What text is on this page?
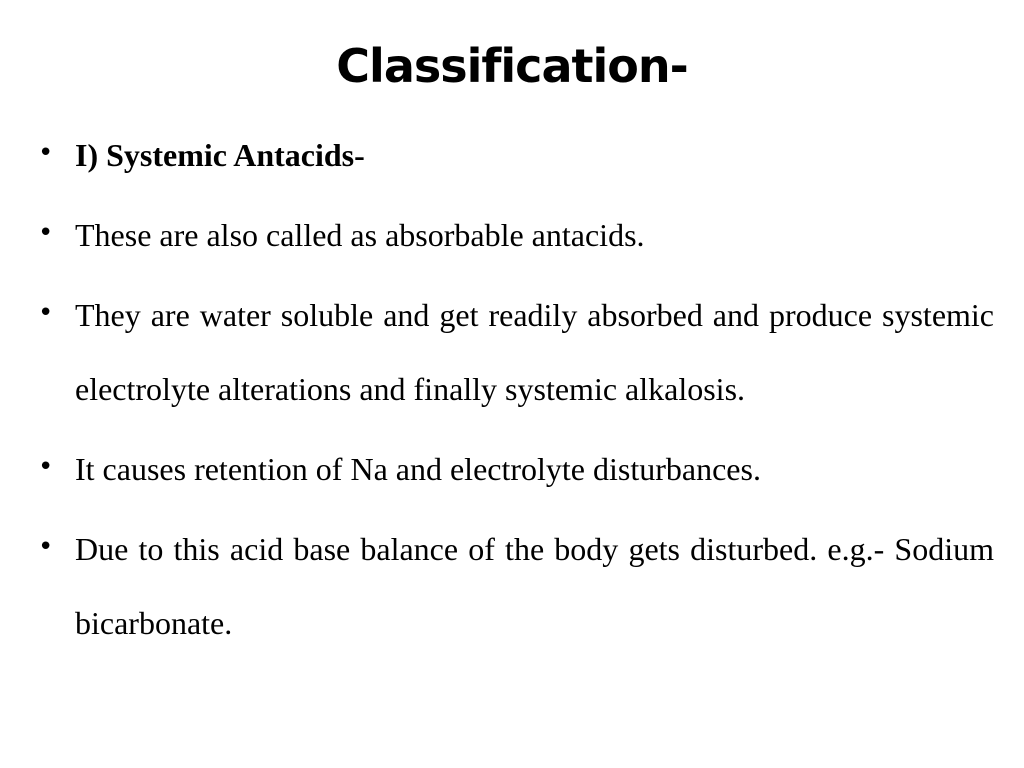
Classification-
• I) Systemic Antacids-
• These are also called as absorbable antacids.
• They are water soluble and get readily absorbed and produce systemic electrolyte alterations and finally systemic alkalosis.
• It causes retention of Na and electrolyte disturbances.
• Due to this acid base balance of the body gets disturbed. e.g.- Sodium bicarbonate.
